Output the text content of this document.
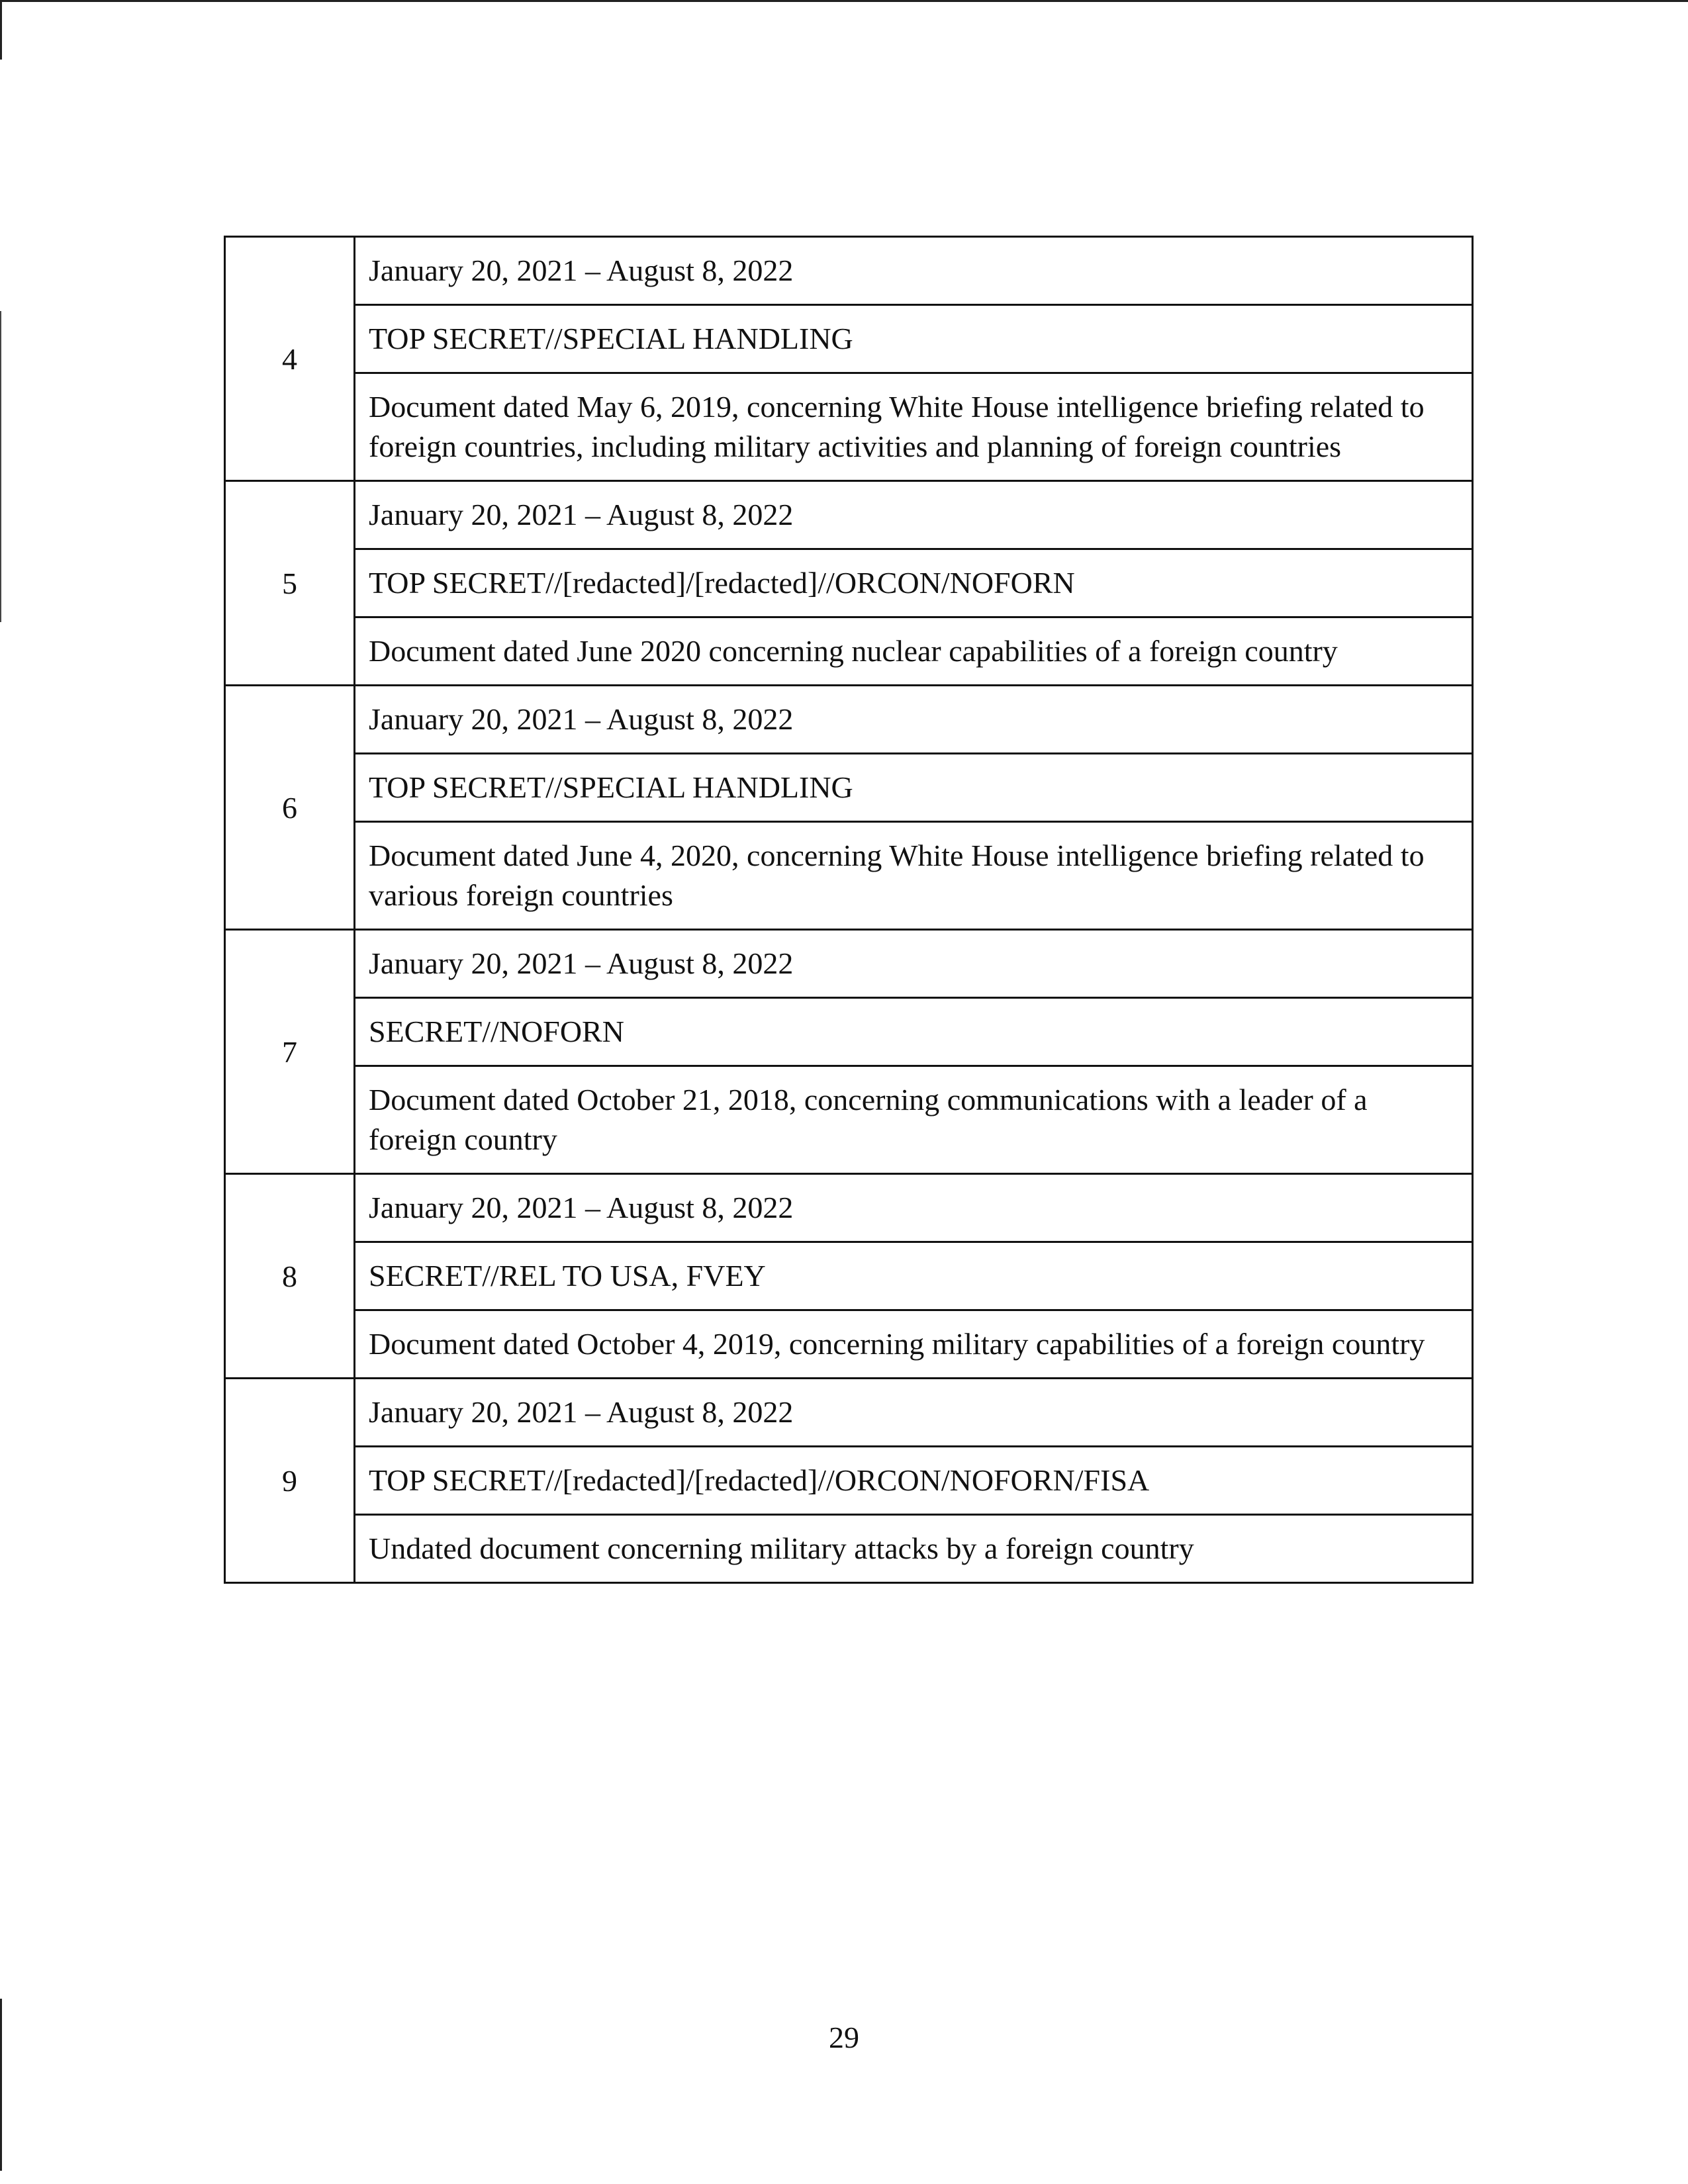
4	January 20, 2021 – August 8, 2022
	TOP SECRET//SPECIAL HANDLING
	Document dated May 6, 2019, concerning White House intelligence briefing related to foreign countries, including military activities and planning of foreign countries
5	January 20, 2021 – August 8, 2022
	TOP SECRET//[redacted]/[redacted]//ORCON/NOFORN
	Document dated June 2020 concerning nuclear capabilities of a foreign country
6	January 20, 2021 – August 8, 2022
	TOP SECRET//SPECIAL HANDLING
	Document dated June 4, 2020, concerning White House intelligence briefing related to various foreign countries
7	January 20, 2021 – August 8, 2022
	SECRET//NOFORN
	Document dated October 21, 2018, concerning communications with a leader of a foreign country
8	January 20, 2021 – August 8, 2022
	SECRET//REL TO USA, FVEY
	Document dated October 4, 2019, concerning military capabilities of a foreign country
9	January 20, 2021 – August 8, 2022
	TOP SECRET//[redacted]/[redacted]//ORCON/NOFORN/FISA
	Undated document concerning military attacks by a foreign country
29
